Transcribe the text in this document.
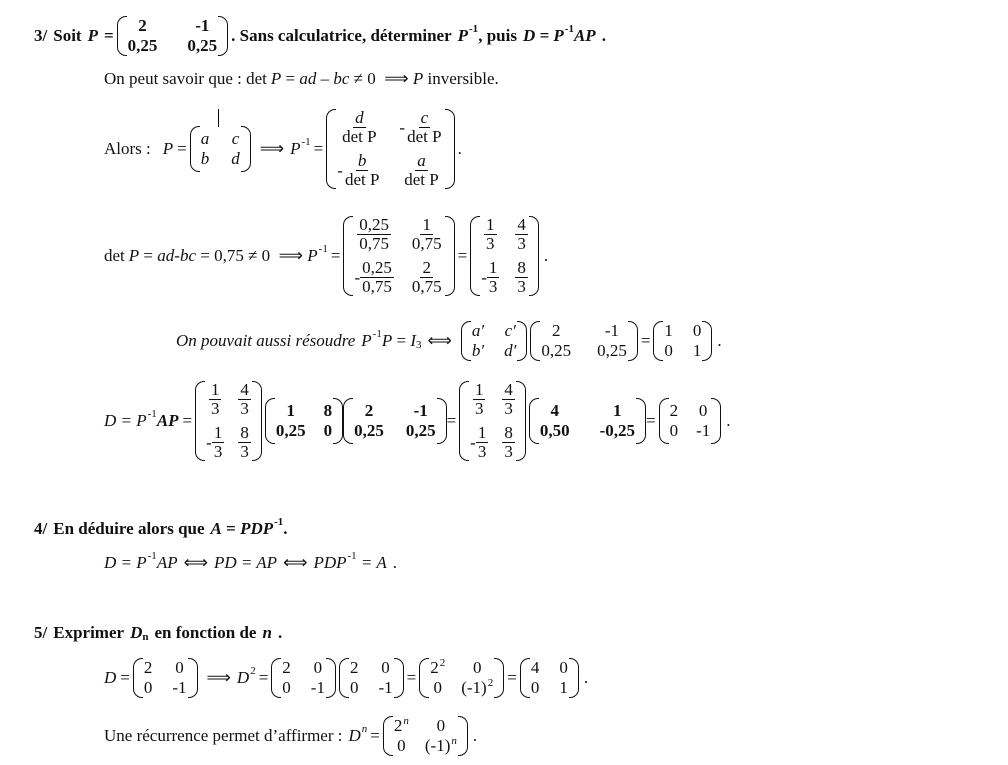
3/ Soit P =
2	-1
0,25 0,25
. Sans calculatrice, déterminer $P^{-1}$ , puis $D = P^{-1}$ AP .
On peut savoir que : det P = ad – bc ≠ 0  ⟹ P inversible.
Alors : P =
a c
b d
⟹ $P^{-1}$ =
$\frac{d}{\text{det P}} - \frac{c}{\text{det P}}$
- $\frac{b}{\text{det P}} \frac{a}{\text{det P}}$
.
det P = ad - bc = 0,75 ≠ 0  ⟹ $P^{-1}$ =
$\frac{0,25}{0,75} \frac{1}{0,75}$
- $\frac{0,25}{0,75} \frac{2}{0,75}$
=
$\frac{1}{3} \frac{4}{3}$
- $\frac{1}{3} \frac{8}{3}$
.
On pouvait aussi résoudre $P^{-1}$ $P = I_3$ ⟺
a′ c′
b′ d′
2	-1
0,25 0,25
=
1 0
0 1
.
$D = P^{-1}$ AP =
$\frac{1}{3} \frac{4}{3}$
- $\frac{1}{3} \frac{8}{3}$
1 8
0,25 0
2 -1
0,25 0,25
=
$\frac{1}{3} \frac{4}{3}$
- $\frac{1}{3} \frac{8}{3}$
4	1
0,50 -0,25
=
2 0
0 -1
.
4/ En déduire alors que $A = PDP^{-1}$ .
$D = P^{-1}$ AP ⟺ PD = AP ⟺ $PDP^{-1} = A$ .
5/ Exprimer $D_n$ en fonction de n .
D =
2 0
0 -1
⟹ $D^2$ =
2 0
0 -1
2 0
0 -1
=
$2^2$ 0
0 $(-1)^2$ =
4 0
0 1
.
Une récurrence permet d’affirmer : $D^n$ =
$2^n$ 0
0 $(-1)^n$ .
